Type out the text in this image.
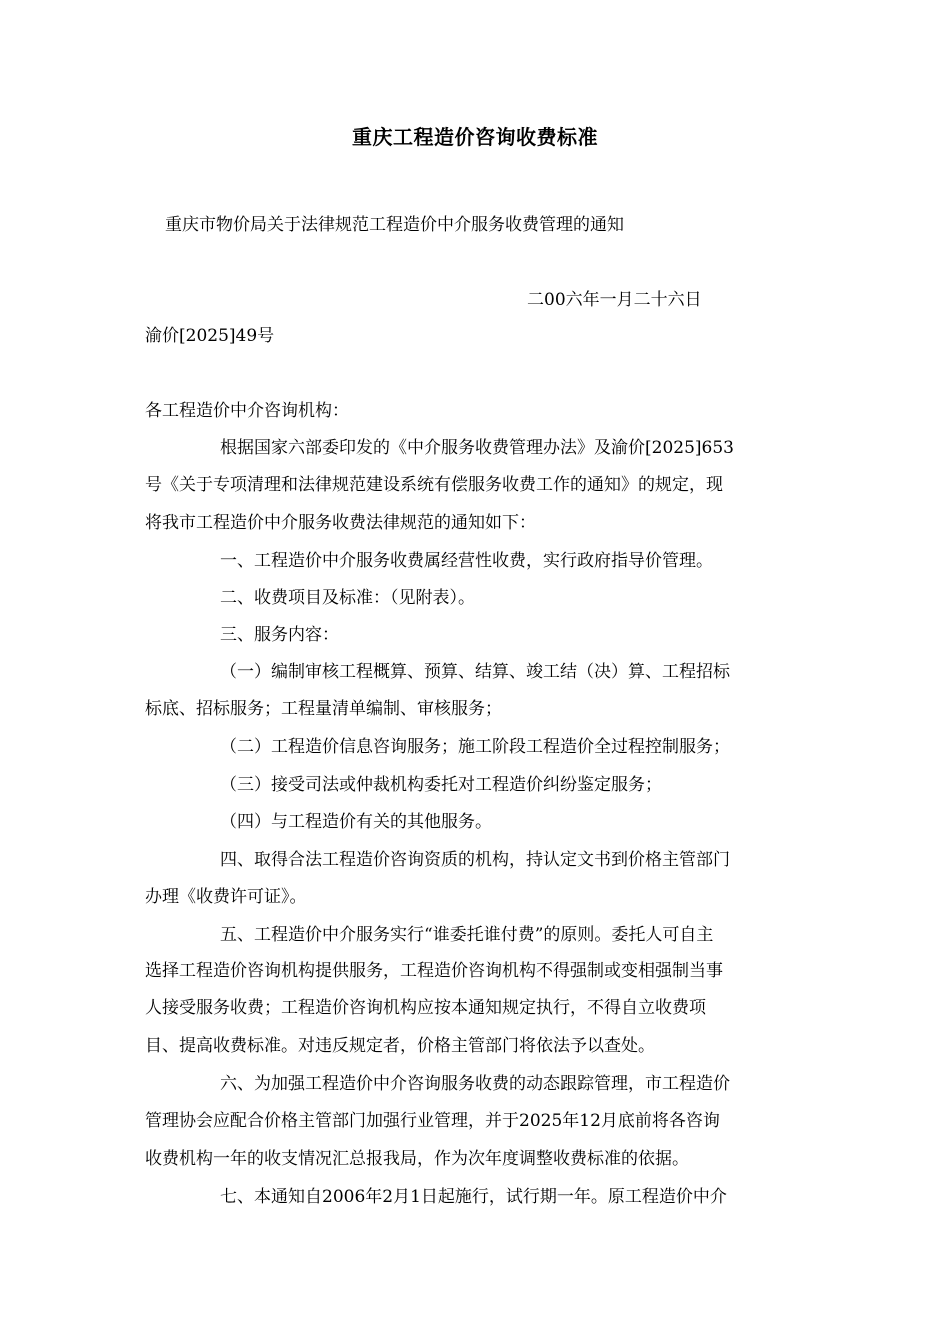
重庆工程造价咨询收费标准
重庆市物价局关于法律规范工程造价中介服务收费管理的通知
二00六年一月二十六日
渝价[2025]49号
各工程造价中介咨询机构：
根据国家六部委印发的《中介服务收费管理办法》及渝价[2025]653
号《关于专项清理和法律规范建设系统有偿服务收费工作的通知》的规定，现
将我市工程造价中介服务收费法律规范的通知如下：
一、工程造价中介服务收费属经营性收费，实行政府指导价管理。
二、收费项目及标准：（见附表）。
三、服务内容：
（一）编制审核工程概算、预算、结算、竣工结（决）算、工程招标
标底、招标服务；工程量清单编制、审核服务；
（二）工程造价信息咨询服务；施工阶段工程造价全过程控制服务；
（三）接受司法或仲裁机构委托对工程造价纠纷鉴定服务；
（四）与工程造价有关的其他服务。
四、取得合法工程造价咨询资质的机构，持认定文书到价格主管部门
办理《收费许可证》。
五、工程造价中介服务实行“谁委托谁付费”的原则。委托人可自主
选择工程造价咨询机构提供服务，工程造价咨询机构不得强制或变相强制当事
人接受服务收费；工程造价咨询机构应按本通知规定执行，不得自立收费项
目、提高收费标准。对违反规定者，价格主管部门将依法予以查处。
六、为加强工程造价中介咨询服务收费的动态跟踪管理，市工程造价
管理协会应配合价格主管部门加强行业管理，并于2025年12月底前将各咨询
收费机构一年的收支情况汇总报我局，作为次年度调整收费标准的依据。
七、本通知自2006年2月1日起施行，试行期一年。原工程造价中介
